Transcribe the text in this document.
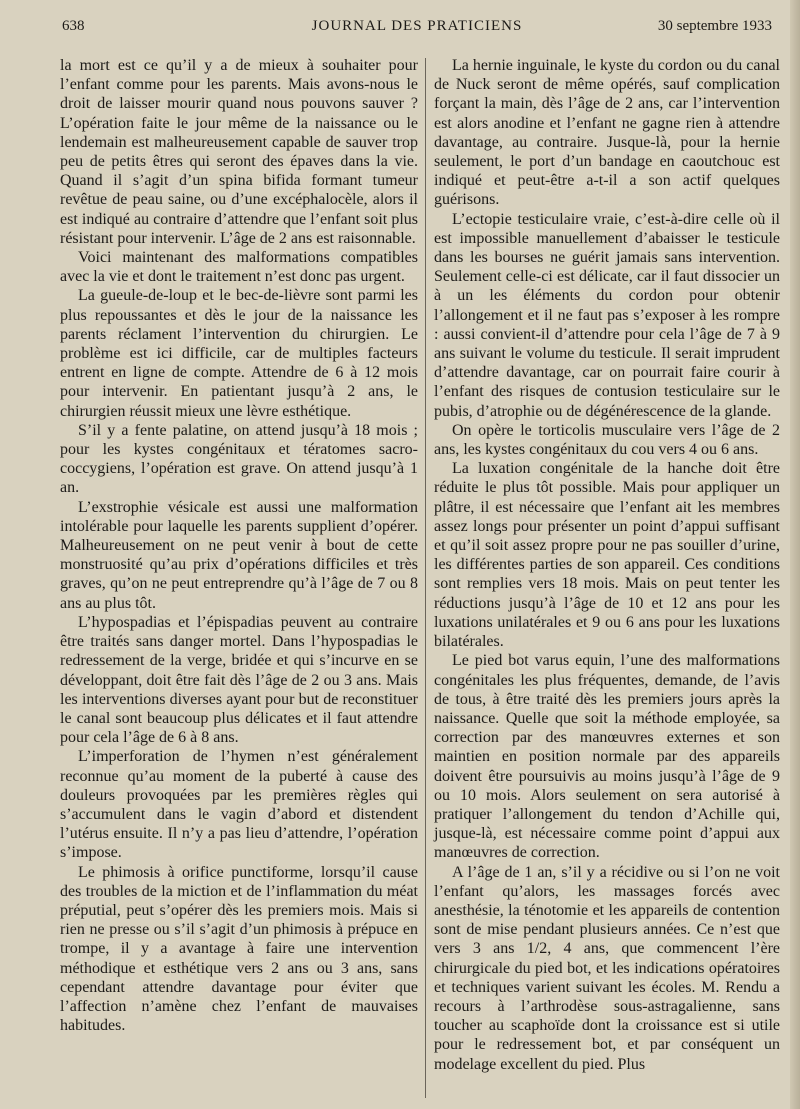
638	JOURNAL DES PRATICIENS	30 septembre 1933

la mort est ce qu’il y a de mieux à souhaiter pour l’enfant comme pour les parents. Mais avons-nous le droit de laisser mourir quand nous pouvons sauver ? L’opération faite le jour même de la naissance ou le lendemain est malheureusement capable de sauver trop peu de petits êtres qui seront des épaves dans la vie. Quand il s’agit d’un spina bifida formant tumeur revêtue de peau saine, ou d’une excéphalocèle, alors il est indiqué au contraire d’attendre que l’enfant soit plus résistant pour intervenir. L’âge de 2 ans est raisonnable.

Voici maintenant des malformations compatibles avec la vie et dont le traitement n’est donc pas urgent.

La gueule-de-loup et le bec-de-lièvre sont parmi les plus repoussantes et dès le jour de la naissance les parents réclament l’intervention du chirurgien. Le problème est ici difficile, car de multiples facteurs entrent en ligne de compte. Attendre de 6 à 12 mois pour intervenir. En patientant jusqu’à 2 ans, le chirurgien réussit mieux une lèvre esthétique.

S’il y a fente palatine, on attend jusqu’à 18 mois ; pour les kystes congénitaux et tératomes sacro-coccygiens, l’opération est grave. On attend jusqu’à 1 an.

L’exstrophie vésicale est aussi une malformation intolérable pour laquelle les parents supplient d’opérer. Malheureusement on ne peut venir à bout de cette monstruosité qu’au prix d’opérations difficiles et très graves, qu’on ne peut entreprendre qu’à l’âge de 7 ou 8 ans au plus tôt.

L’hypospadias et l’épispadias peuvent au contraire être traités sans danger mortel. Dans l’hypospadias le redressement de la verge, bridée et qui s’incurve en se développant, doit être fait dès l’âge de 2 ou 3 ans. Mais les interventions diverses ayant pour but de reconstituer le canal sont beaucoup plus délicates et il faut attendre pour cela l’âge de 6 à 8 ans.

L’imperforation de l’hymen n’est généralement reconnue qu’au moment de la puberté à cause des douleurs provoquées par les premières règles qui s’accumulent dans le vagin d’abord et distendent l’utérus ensuite. Il n’y a pas lieu d’attendre, l’opération s’impose.

Le phimosis à orifice punctiforme, lorsqu’il cause des troubles de la miction et de l’inflammation du méat préputial, peut s’opérer dès les premiers mois. Mais si rien ne presse ou s’il s’agit d’un phimosis à prépuce en trompe, il y a avantage à faire une intervention méthodique et esthétique vers 2 ans ou 3 ans, sans cependant attendre davantage pour éviter que l’affection n’amène chez l’enfant de mauvaises habitudes.

La hernie inguinale, le kyste du cordon ou du canal de Nuck seront de même opérés, sauf complication forçant la main, dès l’âge de 2 ans, car l’intervention est alors anodine et l’enfant ne gagne rien à attendre davantage, au contraire. Jusque-là, pour la hernie seulement, le port d’un bandage en caoutchouc est indiqué et peut-être a-t-il a son actif quelques guérisons.

L’ectopie testiculaire vraie, c’est-à-dire celle où il est impossible manuellement d’abaisser le testicule dans les bourses ne guérit jamais sans intervention. Seulement celle-ci est délicate, car il faut dissocier un à un les éléments du cordon pour obtenir l’allongement et il ne faut pas s’exposer à les rompre : aussi convient-il d’attendre pour cela l’âge de 7 à 9 ans suivant le volume du testicule. Il serait imprudent d’attendre davantage, car on pourrait faire courir à l’enfant des risques de contusion testiculaire sur le pubis, d’atrophie ou de dégénérescence de la glande.

On opère le torticolis musculaire vers l’âge de 2 ans, les kystes congénitaux du cou vers 4 ou 6 ans.

La luxation congénitale de la hanche doit être réduite le plus tôt possible. Mais pour appliquer un plâtre, il est nécessaire que l’enfant ait les membres assez longs pour présenter un point d’appui suffisant et qu’il soit assez propre pour ne pas souiller d’urine, les différentes parties de son appareil. Ces conditions sont remplies vers 18 mois. Mais on peut tenter les réductions jusqu’à l’âge de 10 et 12 ans pour les luxations unilatérales et 9 ou 6 ans pour les luxations bilatérales.

Le pied bot varus equin, l’une des malformations congénitales les plus fréquentes, demande, de l’avis de tous, à être traité dès les premiers jours après la naissance. Quelle que soit la méthode employée, sa correction par des manœuvres externes et son maintien en position normale par des appareils doivent être poursuivis au moins jusqu’à l’âge de 9 ou 10 mois. Alors seulement on sera autorisé à pratiquer l’allongement du tendon d’Achille qui, jusque-là, est nécessaire comme point d’appui aux manœuvres de correction.

A l’âge de 1 an, s’il y a récidive ou si l’on ne voit l’enfant qu’alors, les massages forcés avec anesthésie, la ténotomie et les appareils de contention sont de mise pendant plusieurs années. Ce n’est que vers 3 ans 1/2, 4 ans, que commencent l’ère chirurgicale du pied bot, et les indications opératoires et techniques varient suivant les écoles. M. Rendu a recours à l’arthrodèse sous-astragalienne, sans toucher au scaphoïde dont la croissance est si utile pour le redressement bot, et par conséquent un modelage excellent du pied. Plus
